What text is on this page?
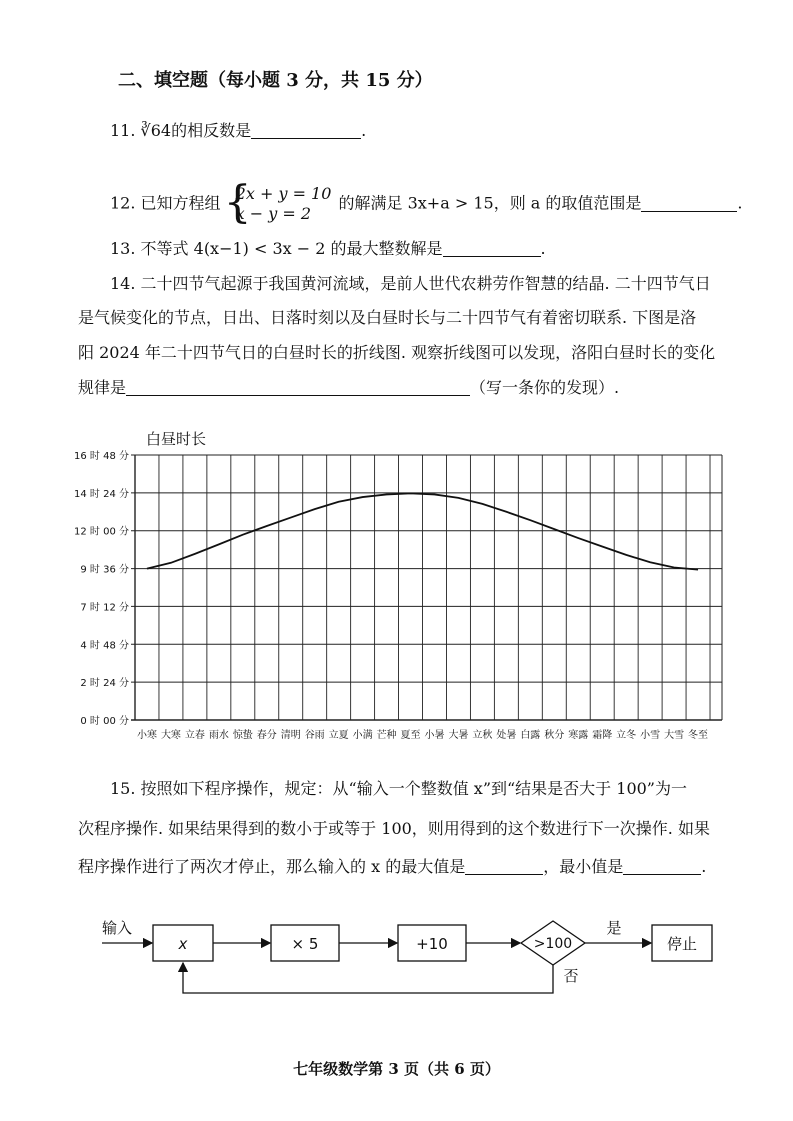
二、填空题（每小题 3 分，共 15 分）
11. ∛64的相反数是	.
12. 已知方程组 {
2x + y = 10
x − y = 2
的解满足 3x+a > 15，则 a 的取值范围是	.
13. 不等式 4(x−1) < 3x − 2 的最大整数解是	.
14. 二十四节气起源于我国黄河流域，是前人世代农耕劳作智慧的结晶. 二十四节气日
是气候变化的节点，日出、日落时刻以及白昼时长与二十四节气有着密切联系. 下图是洛
阳 2024 年二十四节气日的白昼时长的折线图. 观察折线图可以发现，洛阳白昼时长的变化
规律是	（写一条你的发现）.
白昼时长
0 时 00 分
2 时 24 分
4 时 48 分
7 时 12 分
9 时 36 分
12 时 00 分
14 时 24 分
16 时 48 分
小寒 大寒 立春 雨水 惊蛰 春分 清明 谷雨 立夏 小满 芒种 夏至 小暑 大暑 立秋 处暑 白露 秋分 寒露 霜降 立冬 小雪 大雪 冬至
15. 按照如下程序操作，规定：从“输入一个整数值 x”到“结果是否大于 100”为一
次程序操作. 如果结果得到的数小于或等于 100，则用得到的这个数进行下一次操作. 如果
程序操作进行了两次才停止，那么输入的 x 的最大值是	，最小值是	.
输入
x	× 5	+10	>100
是
停止
否
七年级数学第 3 页（共 6 页）
